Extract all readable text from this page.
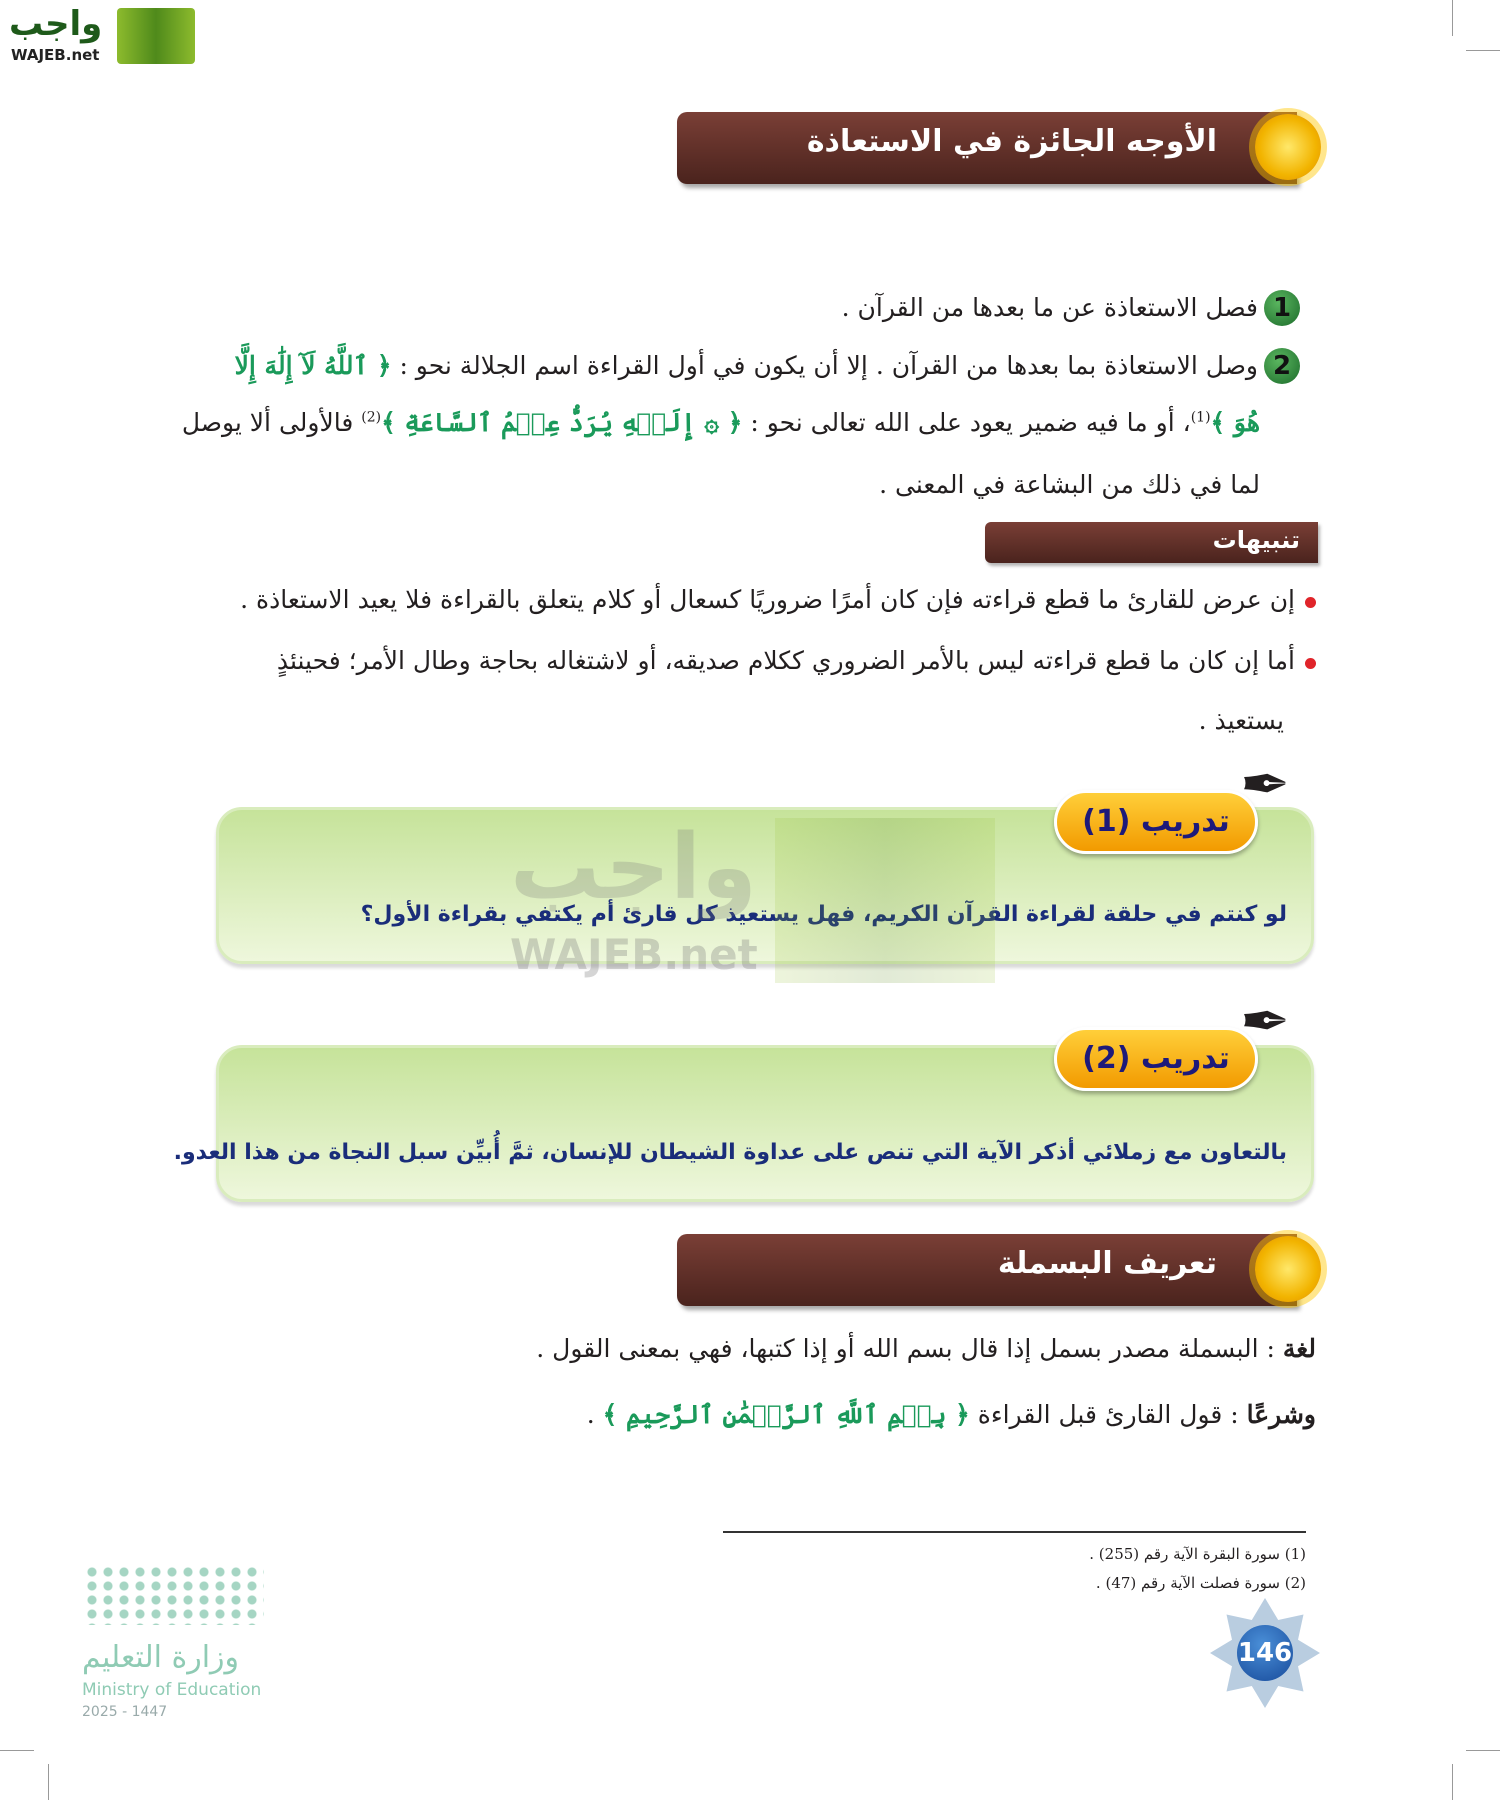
واجب
WAJEB.net
الأوجه الجائزة في الاستعاذة
1فصل الاستعاذة عن ما بعدها من القرآن .
2وصل الاستعاذة بما بعدها من القرآن . إلا أن يكون في أول القراءة اسم الجلالة نحو : ﴿ ٱللَّهُ لَآ إِلَٰهَ إِلَّا
هُوَ ﴾$^{(1)}$، أو ما فيه ضمير يعود على الله تعالى نحو : ﴿ ۞ إِلَيۡهِ يُرَدُّ عِلۡمُ ٱلسَّاعَةِ ﴾$^{(2)}$ فالأولى ألا يوصل
لما في ذلك من البشاعة في المعنى .
تنبيهات
إن عرض للقارئ ما قطع قراءته فإن كان أمرًا ضروريًا كسعال أو كلام يتعلق بالقراءة فلا يعيد الاستعاذة .
أما إن كان ما قطع قراءته ليس بالأمر الضروري ككلام صديقه، أو لاشتغاله بحاجة وطال الأمر؛ فحينئذٍ
يستعيذ .
لو كنتم في حلقة لقراءة القرآن الكريم، فهل يستعيذ كل قارئ أم يكتفي بقراءة الأول؟
تدريب (1)
✒
واجب
WAJEB.net
بالتعاون مع زملائي أذكر الآية التي تنص على عداوة الشيطان للإنسان، ثمَّ أُبيِّن سبل النجاة من هذا العدو.
تدريب (2)
✒
تعريف البسملة
لغة : البسملة مصدر بسمل إذا قال بسم الله أو إذا كتبها، فهي بمعنى القول .
وشرعًا : قول القارئ قبل القراءة ﴿ بِسۡمِ ٱللَّهِ ٱلرَّحۡمَٰنِ ٱلرَّحِيمِ ﴾ .
(1) سورة البقرة الآية رقم (255) .
(2) سورة فصلت الآية رقم (47) .
146
وزارة التعليم
Ministry of Education
2025 - 1447
